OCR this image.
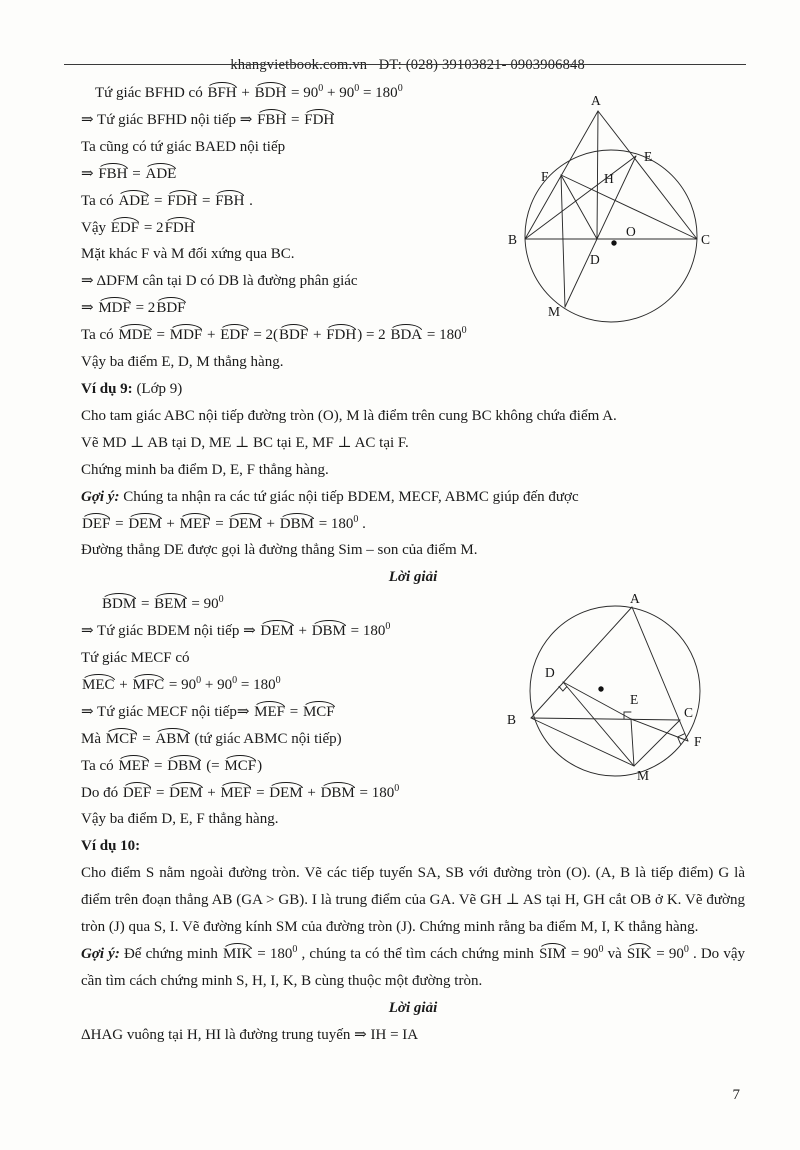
khangvietbook.com.vn   ĐT: (028) 39103821- 0903906848

Tứ giác BFHD có BFH + BDH = $90^0 + 90^0 = 180^0$

⇒ Tứ giác BFHD nội tiếp ⇒ FBH = FDH

Ta cũng có tứ giác BAED nội tiếp

⇒ FBH = ADE

Ta có ADE = FDH = FBH .

Vậy EDF = 2FDH

Mặt khác F và M đối xứng qua BC.

⇒ ΔDFM cân tại D có DB là đường phân giác

⇒ MDF = 2BDF

Ta có MDE = MDF + EDF = 2(BDF + FDH) = 2 BDA = $180^0$

Vậy ba điểm E, D, M thẳng hàng.

Ví dụ 9: (Lớp 9)

Cho tam giác ABC nội tiếp đường tròn (O), M là điểm trên cung BC không chứa điểm A.

Vẽ MD ⊥ AB tại D, ME ⊥ BC tại E, MF ⊥ AC tại F.

Chứng minh ba điểm D, E, F thẳng hàng.

Gợi ý: Chúng ta nhận ra các tứ giác nội tiếp BDEM, MECF, ABMC giúp đến được

DEF = DEM + MEF = DEM + DBM = $180^0$ .

Đường thẳng DE được gọi là đường thẳng Sim – son của điểm M.

Lời giải

BDM = BEM = $90^0$

⇒ Tứ giác BDEM nội tiếp ⇒ DEM + DBM = $180^0$

Tứ giác MECF có

MEC + MFC = $90^0 + 90^0 = 180^0$

⇒ Tứ giác MECF nội tiếp⇒ MEF = MCF

Mà MCF = ABM (tứ giác ABMC nội tiếp)

Ta có MEF = DBM (= MCF)

Do đó DEF = DEM + MEF = DEM + DBM = $180^0$

Vậy ba điểm D, E, F thẳng hàng.

Ví dụ 10:

Cho điểm S nằm ngoài đường tròn. Vẽ các tiếp tuyến SA, SB với đường tròn (O). (A, B là tiếp điểm) G là điểm trên đoạn thẳng AB (GA > GB). I là trung điểm của GA. Vẽ GH ⊥ AS tại H, GH cắt OB ở K. Vẽ đường tròn (J) qua S, I. Vẽ đường kính SM của đường tròn (J). Chứng minh rằng ba điểm M, I, K thẳng hàng.

Gợi ý: Để chứng minh MIK = $180^0$ , chúng ta có thể tìm cách chứng minh SIM = $90^0$ và SIK = $90^0$ . Do vậy cần tìm cách chứng minh S, H, I, K, B cùng thuộc một đường tròn.

Lời giải

ΔHAG vuông tại H, HI là đường trung tuyến ⇒ IH = IA

7
A
F	H
E
B
O
C
D
M
A
D
E
B	C
F
M
